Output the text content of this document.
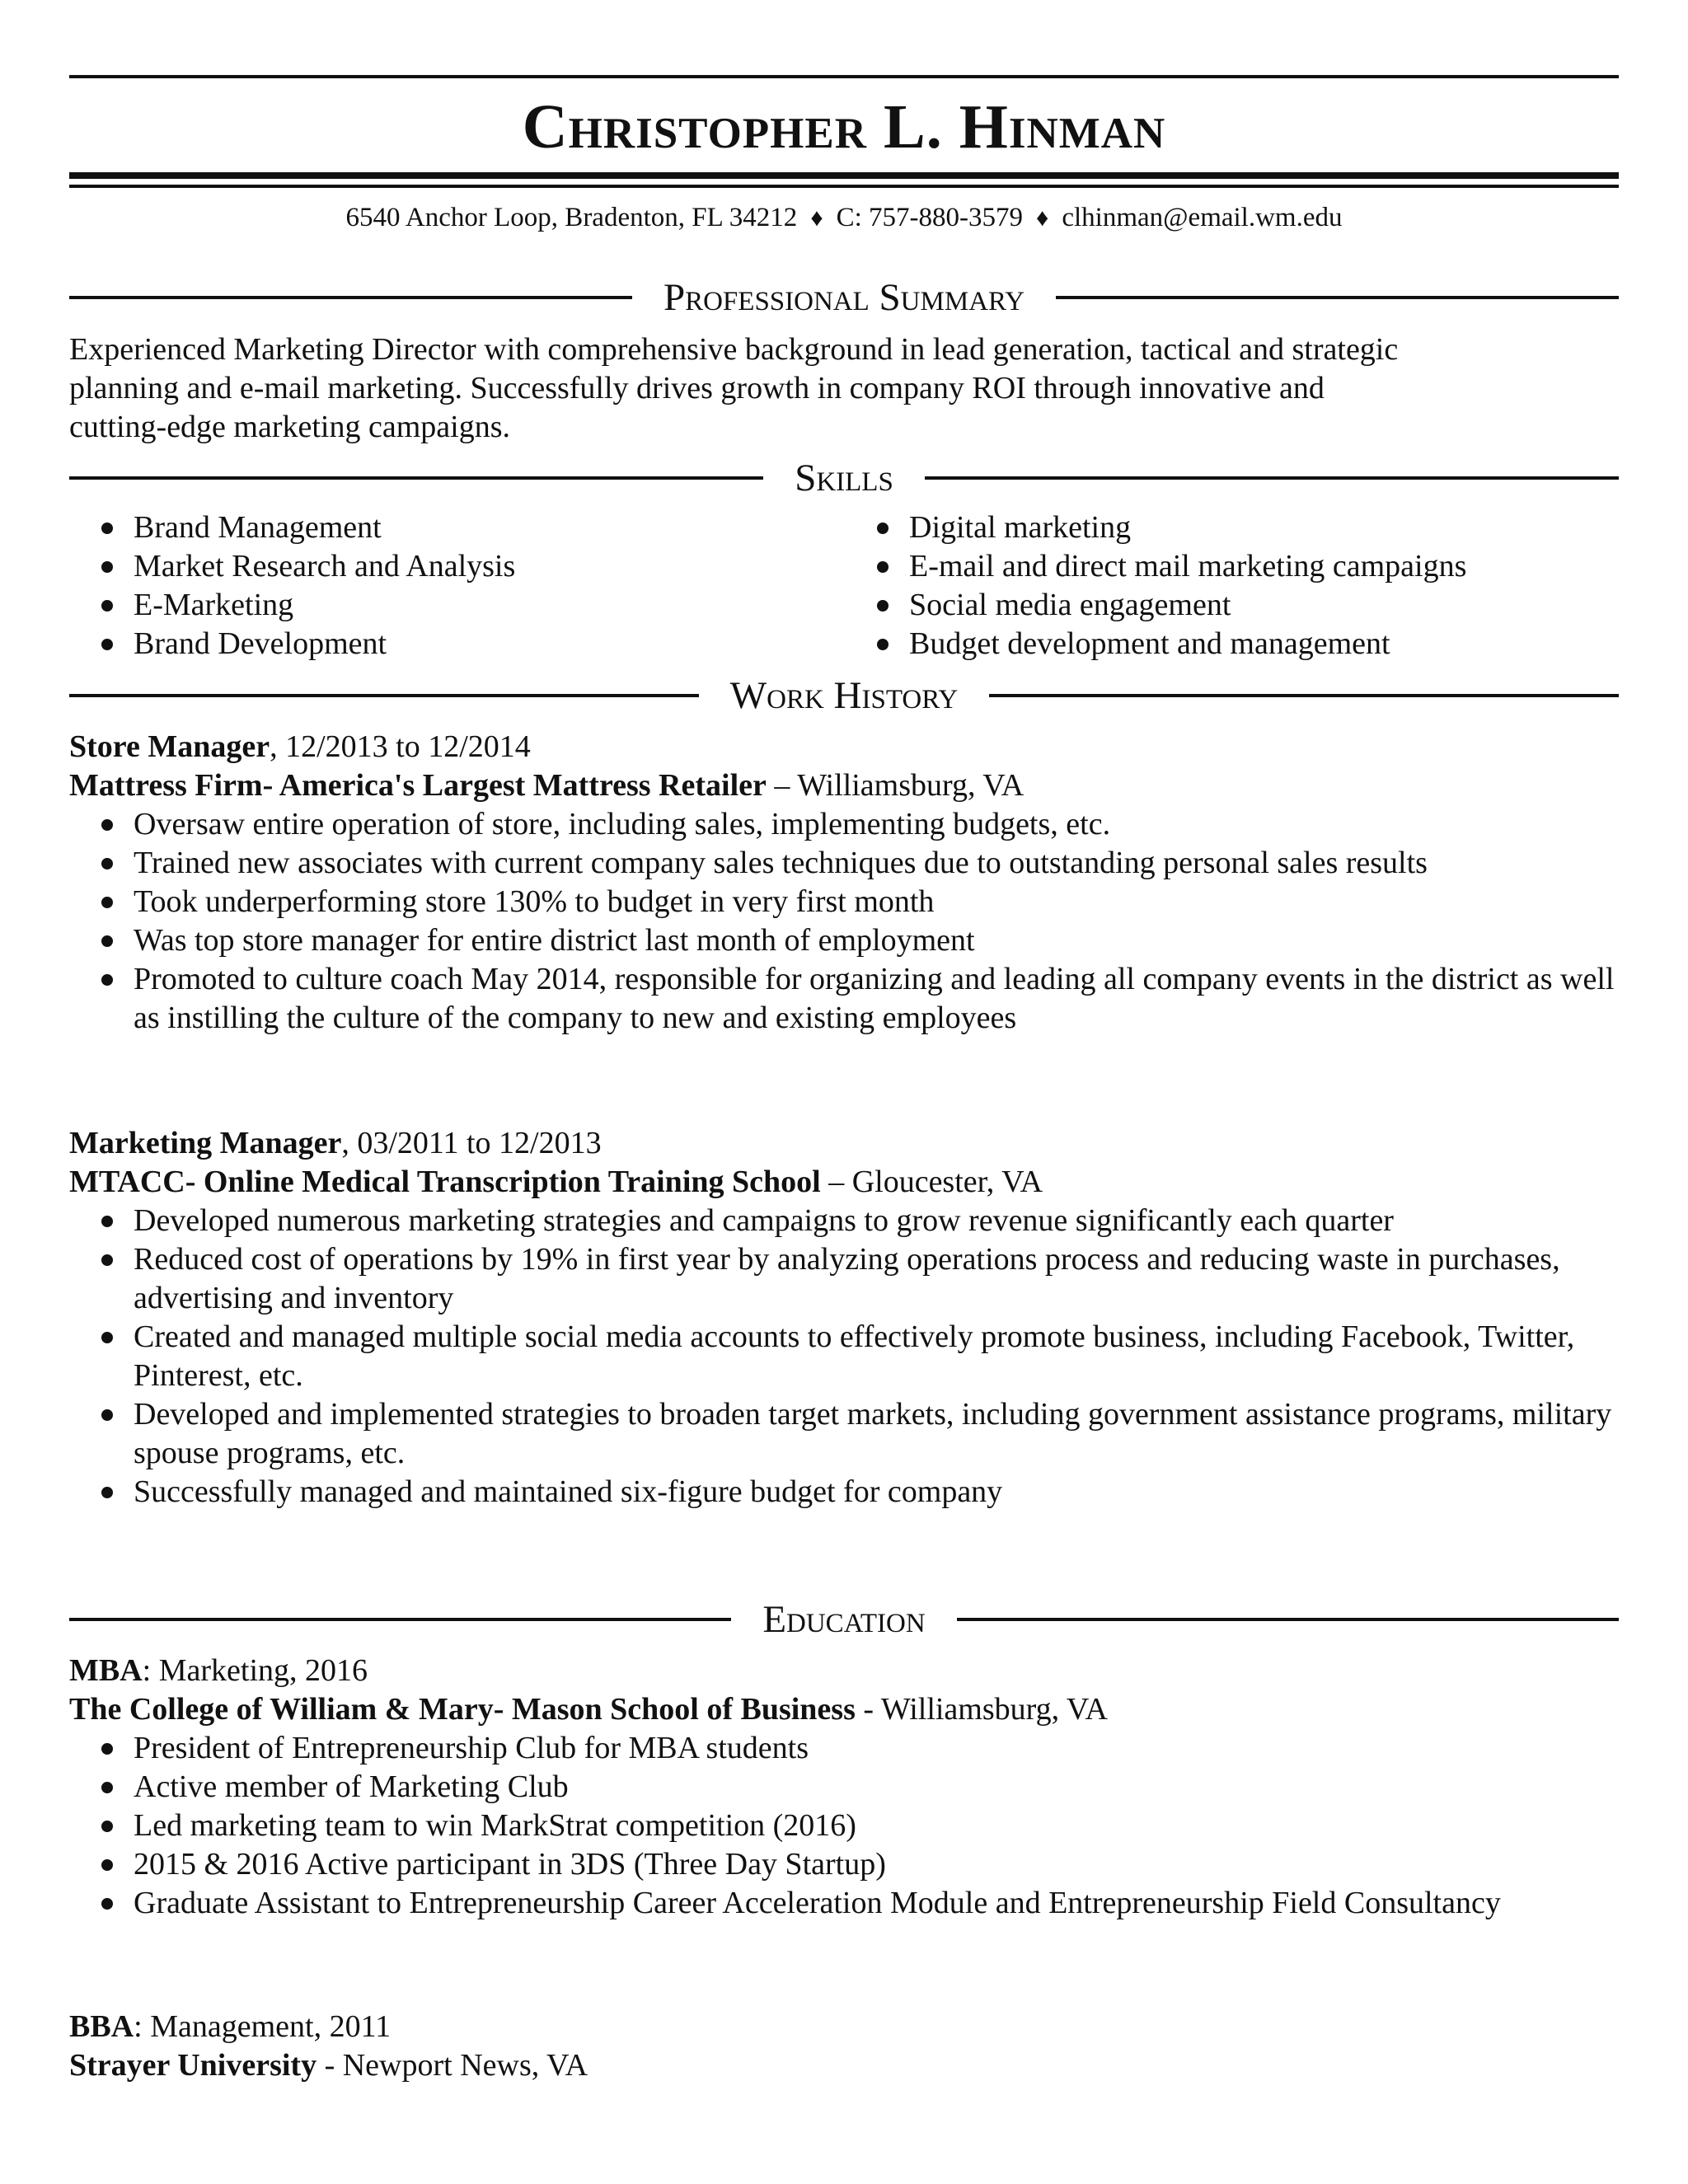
Christopher L. Hinman
6540 Anchor Loop, Bradenton, FL 34212 ♦ C: 757-880-3579 ♦ clhinman@email.wm.edu
Professional Summary
Experienced Marketing Director with comprehensive background in lead generation, tactical and strategic
planning and e-mail marketing. Successfully drives growth in company ROI through innovative and
cutting-edge marketing campaigns.
Skills
Brand Management
Market Research and Analysis
E-Marketing
Brand Development
Digital marketing
E-mail and direct mail marketing campaigns
Social media engagement
Budget development and management
Work History
Store Manager, 12/2013 to 12/2014
Mattress Firm- America's Largest Mattress Retailer – Williamsburg, VA
Oversaw entire operation of store, including sales, implementing budgets, etc.
Trained new associates with current company sales techniques due to outstanding personal sales results
Took underperforming store 130% to budget in very first month
Was top store manager for entire district last month of employment
Promoted to culture coach May 2014, responsible for organizing and leading all company events in the district as well as instilling the culture of the company to new and existing employees
Marketing Manager, 03/2011 to 12/2013
MTACC- Online Medical Transcription Training School – Gloucester, VA
Developed numerous marketing strategies and campaigns to grow revenue significantly each quarter
Reduced cost of operations by 19% in first year by analyzing operations process and reducing waste in purchases, advertising and inventory
Created and managed multiple social media accounts to effectively promote business, including Facebook, Twitter, Pinterest, etc.
Developed and implemented strategies to broaden target markets, including government assistance programs, military spouse programs, etc.
Successfully managed and maintained six-figure budget for company
Education
MBA: Marketing, 2016
The College of William & Mary- Mason School of Business - Williamsburg, VA
President of Entrepreneurship Club for MBA students
Active member of Marketing Club
Led marketing team to win MarkStrat competition (2016)
2015 & 2016 Active participant in 3DS (Three Day Startup)
Graduate Assistant to Entrepreneurship Career Acceleration Module and Entrepreneurship Field Consultancy
BBA: Management, 2011
Strayer University - Newport News, VA
